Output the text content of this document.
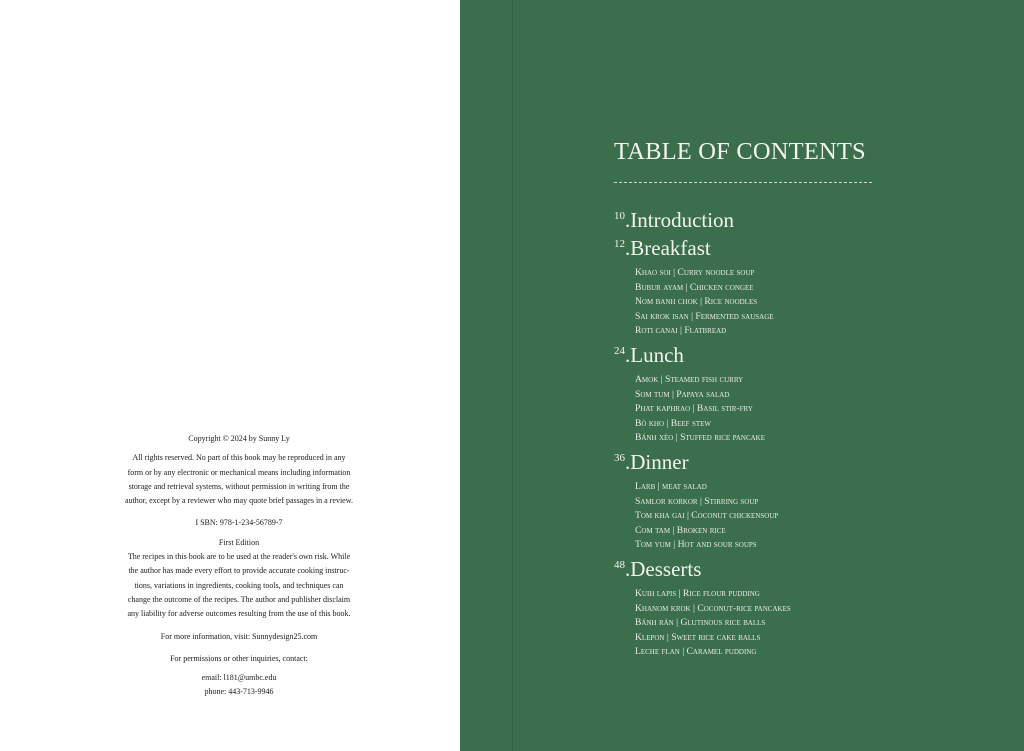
Copyright © 2024 by Sunny Ly

All rights reserved. No part of this book may be reproduced in any

form or by any electronic or mechanical means including information

storage and retrieval systems, without permission in writing from the

author, except by a reviewer who may quote brief passages in a review.

I SBN: 978-1-234-56789-7

First Edition

The recipes in this book are to be used at the reader's own risk. While

the author has made every effort to provide accurate cooking instruc-

tions, variations in ingredients, cooking tools, and techniques can

change the outcome of the recipes. The author and publisher disclaim

any liability for adverse outcomes resulting from the use of this book.

For more information, visit: Sunnydesign25.com

For permissions or other inquiries, contact:

email: l181@umbc.edu

phone: 443-713-9946

TABLE OF CONTENTS
10 . Introduction
12 . Breakfast
Khao soi | Curry noodle soup
Bubur ayam | Chicken congee
Nom banh chok | Rice noodles
Sai krok isan | Fermented sausage
Roti canai | Flatbread
24 . Lunch
Amok | Steamed fish curry
Som tum | Papaya salad
Phat kaphrao | Basil stir-fry
Bò kho | Beef stew
Bánh xèo | Stuffed rice pancake
36 . Dinner
Larb | meat salad
Samlor korkor | Stirring soup
Tom kha gai | Coconut chickensoup
Com tam | Broken rice
Tom yum | Hot and sour soups
48 . Desserts
Kuih lapis | Rice flour pudding
Khanom krok | Coconut-rice pancakes
Bánh rán | Glutinous rice balls
Klepon | Sweet rice cake balls
Leche flan | Caramel pudding
